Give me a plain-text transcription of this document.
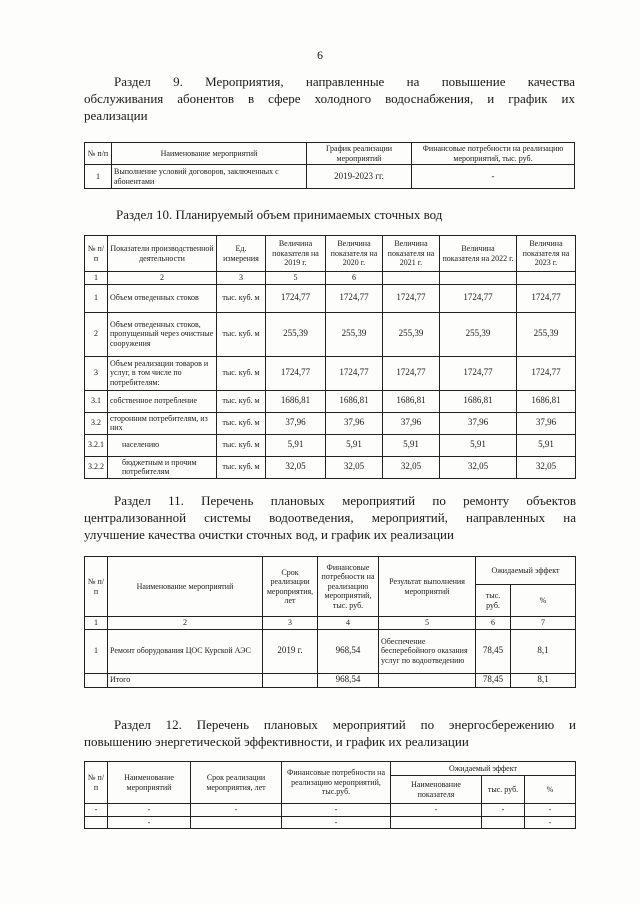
6
Раздел 9. Мероприятия, направленные на повышение качества
обслуживания абонентов в сфере холодного водоснабжения, и график их
реализации
№ п/п	Наименование мероприятий	График реализации мероприятий	Финансовые потребности на реализацию мероприятий, тыс. руб.
1	Выполнение условий договоров, заключенных с абонентами	2019-2023 гг.	-
Раздел 10. Планируемый объем принимаемых сточных вод
№ п/п	Показатели производственной деятельности	Ед. измерения	Величина показателя на 2019 г.	Величина показателя на 2020 г.	Величина показателя на 2021 г.	Величина показателя на 2022 г.	Величина показателя на 2023 г.
1	2	3	5	6			
1	Объем отведенных стоков	тыс. куб. м	1724,77	1724,77	1724,77	1724,77	1724,77
2	Объем отведенных стоков, пропущенный через очистные сооружения	тыс. куб. м	255,39	255,39	255,39	255,39	255,39
3	Объем реализации товаров и услуг, в том числе по потребителям:	тыс. куб. м	1724,77	1724,77	1724,77	1724,77	1724,77
3.1	собственное потребление	тыс. куб. м	1686,81	1686,81	1686,81	1686,81	1686,81
3.2	сторонним потребителям, из них	тыс. куб. м	37,96	37,96	37,96	37,96	37,96
3.2.1	населению	тыс. куб. м	5,91	5,91	5,91	5,91	5,91
3.2.2	бюджетным и прочим потребителям	тыс. куб. м	32,05	32,05	32,05	32,05	32,05
Раздел 11. Перечень плановых мероприятий по ремонту объектов
централизованной системы водоотведения, мероприятий, направленных на
улучшение качества очистки сточных вод, и график их реализации
№ п/п	Наименование мероприятий	Срок реализации мероприятия, лет	Финансовые потребности на реализацию мероприятий, тыс. руб.	Результат выполнения мероприятий	Ожидаемый эффект	
					тыс. руб.	%
1	2	3	4	5	6	7
1	Ремонт оборудования ЦОС Курской АЭС	2019 г.	968,54	Обеспечение бесперебойного оказания услуг по водоотведению	78,45	8,1
	Итого		968,54		78,45	8,1
Раздел 12. Перечень плановых мероприятий по энергосбережению и
повышению энергетической эффективности, и график их реализации
№ п/п	Наименование мероприятий	Срок реализации мероприятия, лет	Финансовые потребности на реализацию мероприятий, тыс.руб.	Ожидаемый эффект		
				Наименование показателя	тыс. руб.	%
-	-	-	-	-	-	-
	-		-			-
